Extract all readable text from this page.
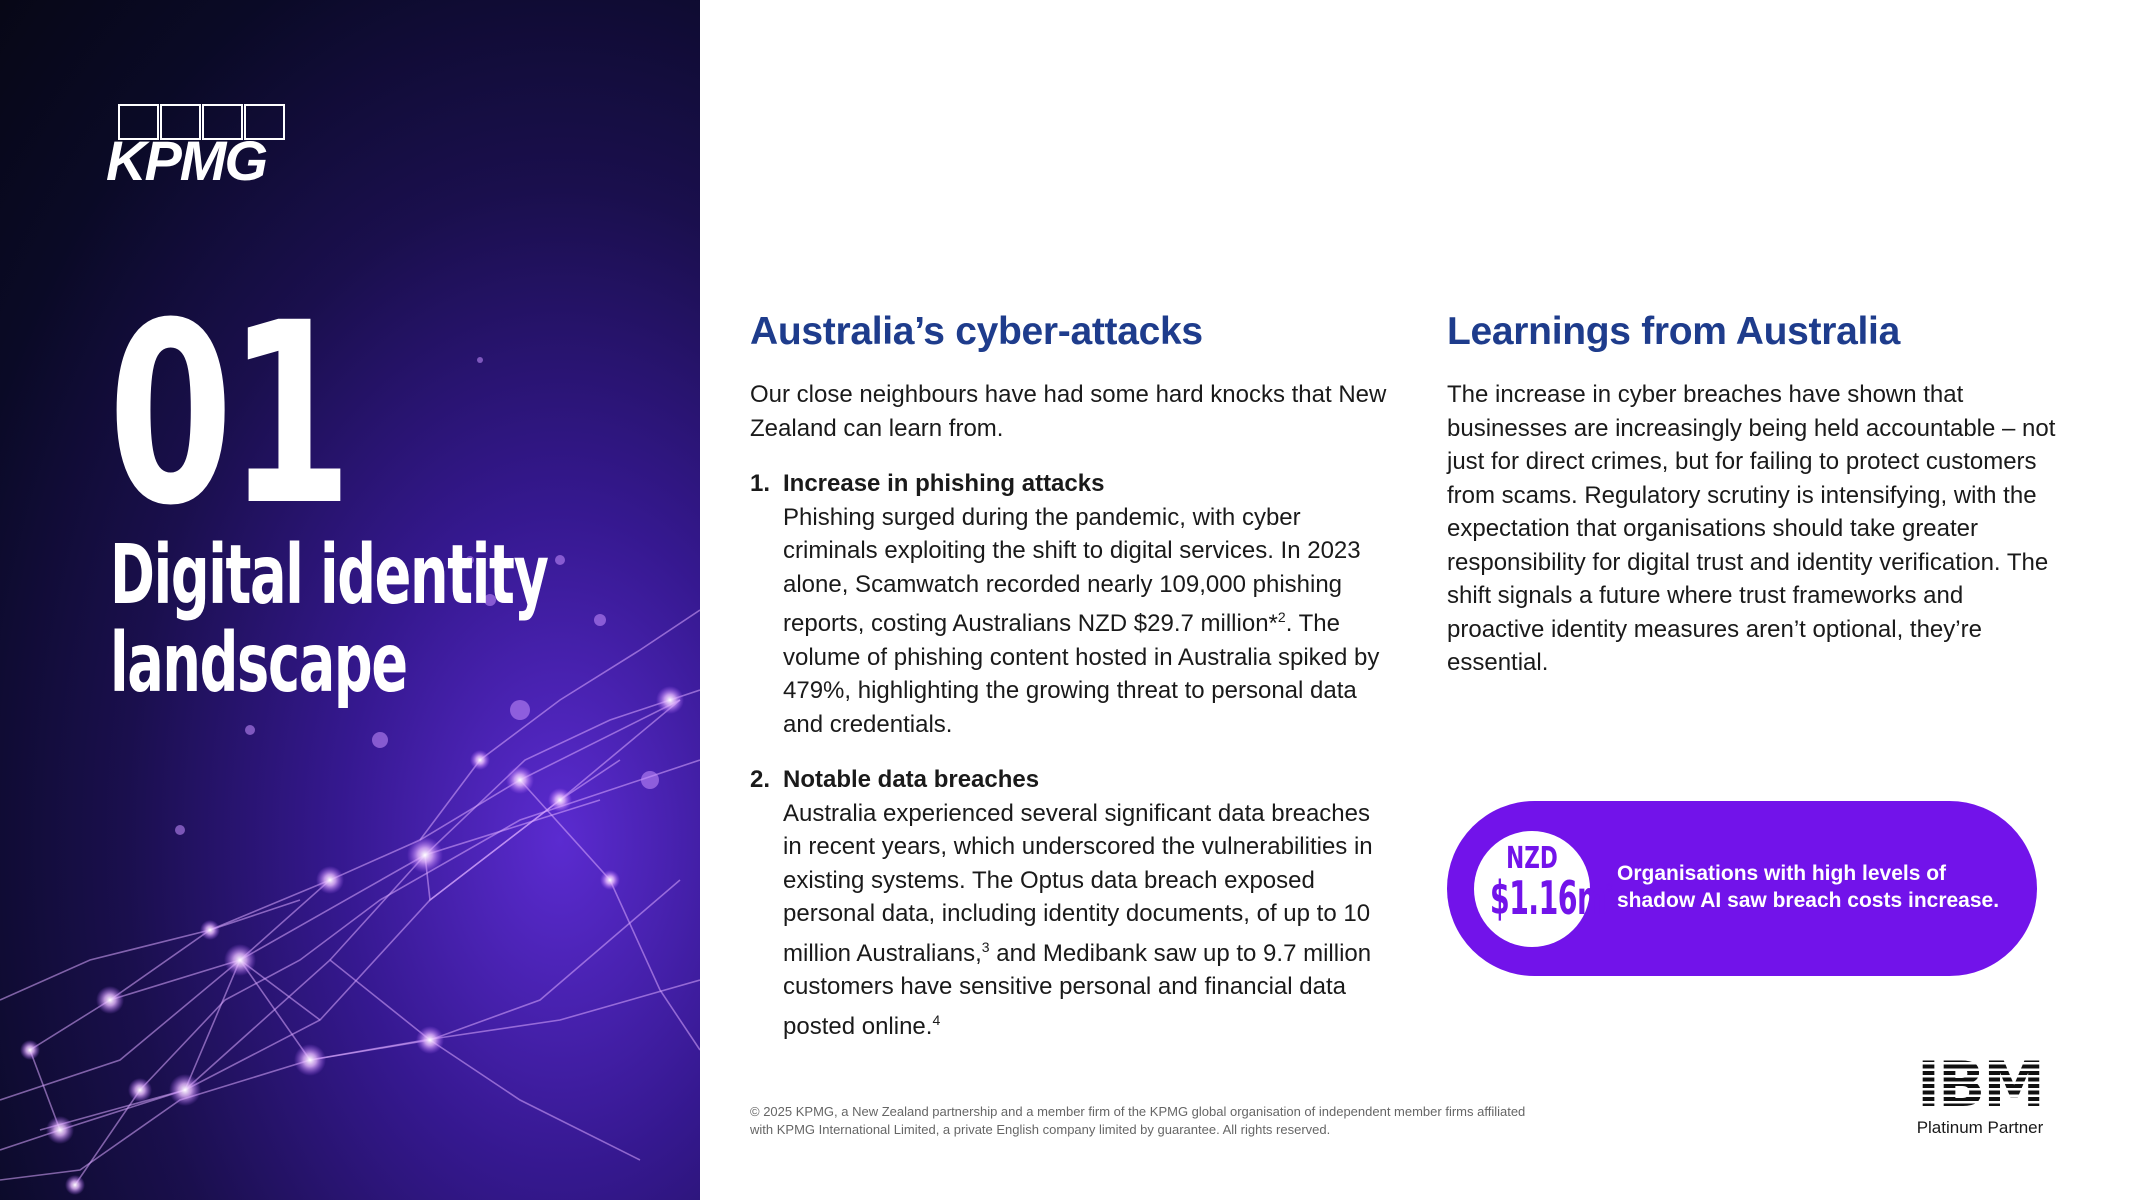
KPMG
01
Digital identity landscape
Australia’s cyber-attacks

Our close neighbours have had some hard knocks that New Zealand can learn from.

1. Increase in phishing attacks

Phishing surged during the pandemic, with cyber criminals exploiting the shift to digital services. In 2023 alone, Scamwatch recorded nearly 109,000 phishing reports, costing Australians NZD $29.7 million*$^2$. The volume of phishing content hosted in Australia spiked by 479%, highlighting the growing threat to personal data and credentials.

2. Notable data breaches

Australia experienced several significant data breaches in recent years, which underscored the vulnerabilities in existing systems. The Optus data breach exposed personal data, including identity documents, of up to 10 million Australians,$^3$ and Medibank saw up to 9.7 million customers have sensitive personal and financial data posted online.$^4$

Learnings from Australia

The increase in cyber breaches have shown that businesses are increasingly being held accountable – not just for direct crimes, but for failing to protect customers from scams. Regulatory scrutiny is intensifying, with the expectation that organisations should take greater responsibility for digital trust and identity verification. The shift signals a future where trust frameworks and proactive identity measures aren’t optional, they’re essential.

NZD
$1.16m*
Organisations with high levels of shadow AI saw breach costs increase.
© 2025 KPMG, a New Zealand partnership and a member firm of the KPMG global organisation of independent member firms affiliated with KPMG International Limited, a private English company limited by guarantee. All rights reserved.
IBM
Platinum Partner
